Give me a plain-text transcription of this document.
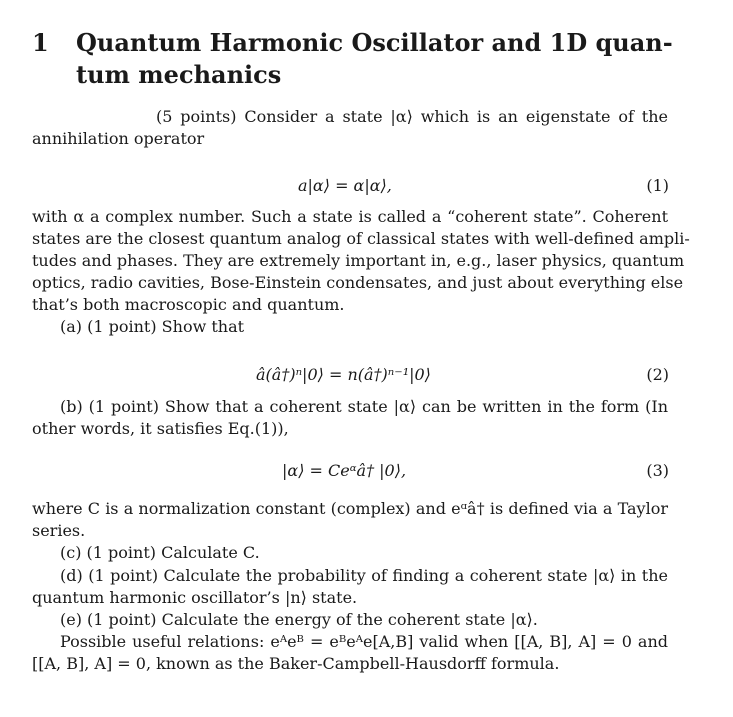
1 Quantum Harmonic Oscillator and 1D quan-
tum mechanics
(5 points) Consider a state |α⟩ which is an eigenstate of the
annihilation operator
a|α⟩ = α|α⟩,	(1)
with α a complex number. Such a state is called a “coherent state”. Coherent
states are the closest quantum analog of classical states with well-defined ampli-
tudes and phases. They are extremely important in, e.g., laser physics, quantum
optics, radio cavities, Bose-Einstein condensates, and just about everything else
that’s both macroscopic and quantum.
(a) (1 point) Show that
â(â†)ⁿ|0⟩ = n(â†)ⁿ⁻¹|0⟩	(2)
(b) (1 point) Show that a coherent state |α⟩ can be written in the form (In
other words, it satisfies Eq.(1)),
|α⟩ = Ceᵅâ† |0⟩,	(3)
where C is a normalization constant (complex) and eᵅâ† is defined via a Taylor
series.
(c) (1 point) Calculate C.
(d) (1 point) Calculate the probability of finding a coherent state |α⟩ in the
quantum harmonic oscillator’s |n⟩ state.
(e) (1 point) Calculate the energy of the coherent state |α⟩.
Possible useful relations: eᴬeᴮ = eᴮeᴬe[A,B] valid when [[A, B], A] = 0 and
[[A, B], A] = 0, known as the Baker-Campbell-Hausdorff formula.
